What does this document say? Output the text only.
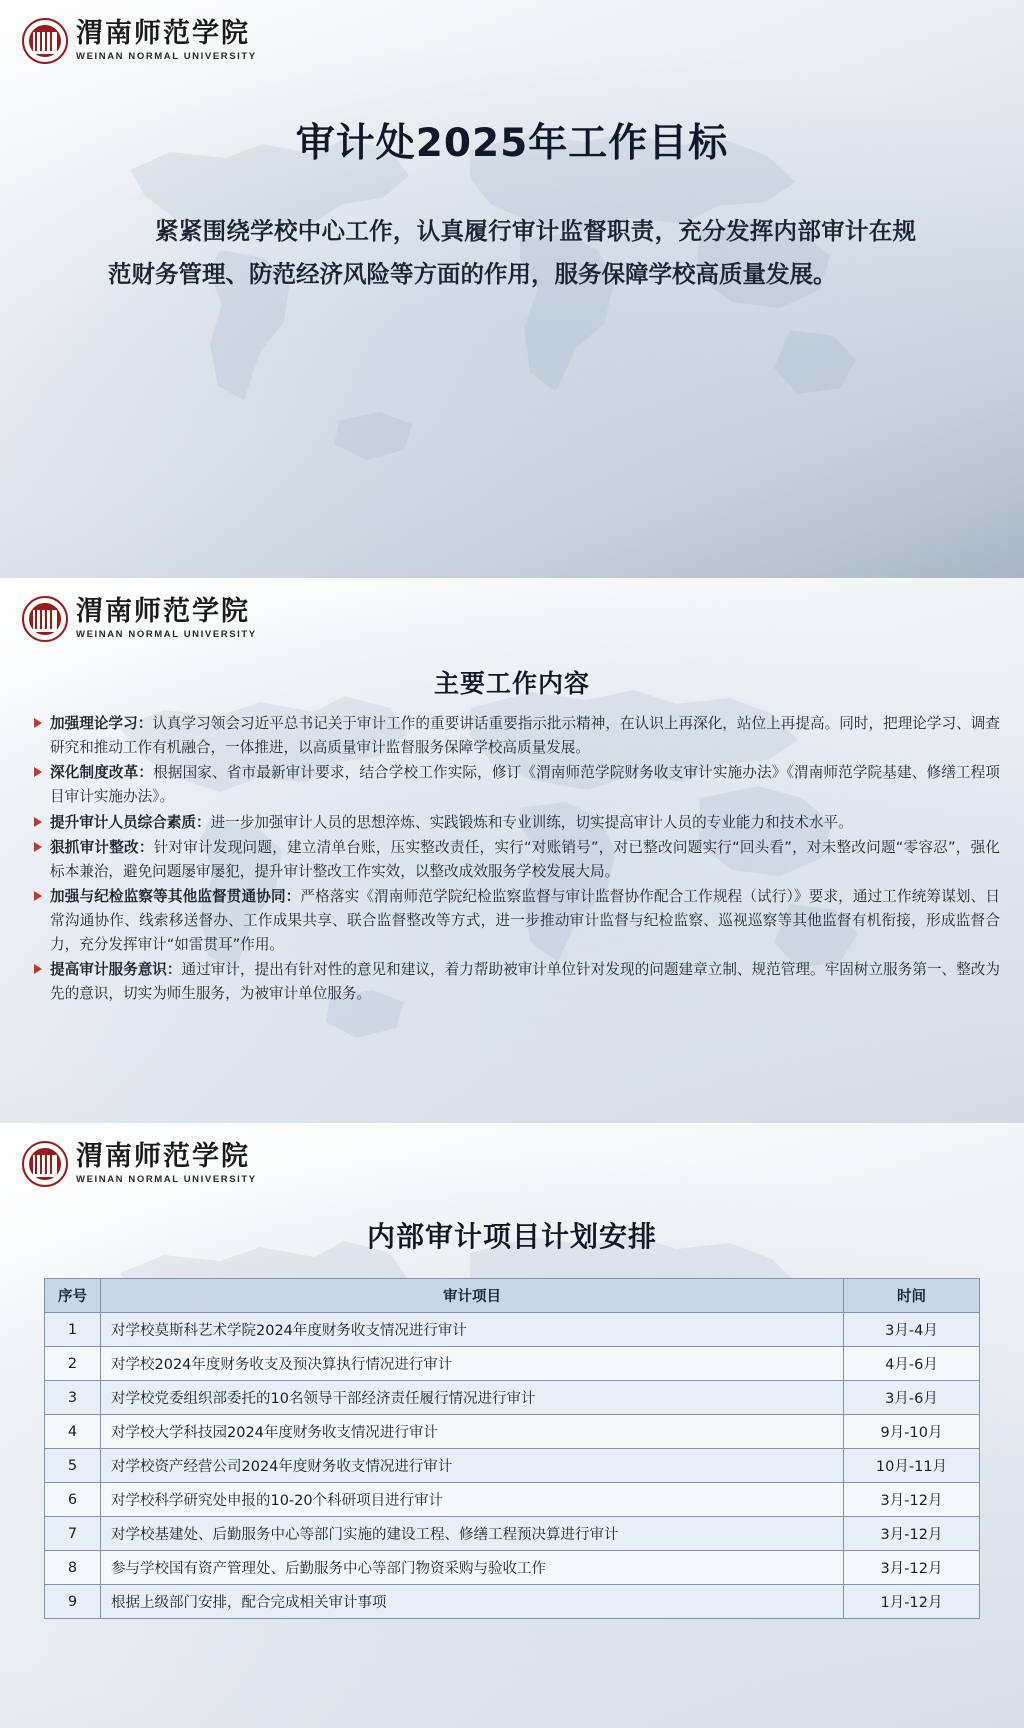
渭南师范学院
WEINAN NORMAL UNIVERSITY
审计处2025年工作目标

紧紧围绕学校中心工作，认真履行审计监督职责，充分发挥内部审计在规范财务管理、防范经济风险等方面的作用，服务保障学校高质量发展。

渭南师范学院
WEINAN NORMAL UNIVERSITY
主要工作内容
加强理论学习：认真学习领会习近平总书记关于审计工作的重要讲话重要指示批示精神，在认识上再深化，站位上再提高。同时，把理论学习、调查研究和推动工作有机融合，一体推进，以高质量审计监督服务保障学校高质量发展。
深化制度改革：根据国家、省市最新审计要求，结合学校工作实际，修订《渭南师范学院财务收支审计实施办法》《渭南师范学院基建、修缮工程项目审计实施办法》。
提升审计人员综合素质：进一步加强审计人员的思想淬炼、实践锻炼和专业训练，切实提高审计人员的专业能力和技术水平。
狠抓审计整改：针对审计发现问题，建立清单台账，压实整改责任，实行“对账销号”，对已整改问题实行“回头看”，对未整改问题“零容忍”，强化标本兼治，避免问题屡审屡犯，提升审计整改工作实效，以整改成效服务学校发展大局。
加强与纪检监察等其他监督贯通协同：严格落实《渭南师范学院纪检监察监督与审计监督协作配合工作规程（试行）》要求，通过工作统筹谋划、日常沟通协作、线索移送督办、工作成果共享、联合监督整改等方式，进一步推动审计监督与纪检监察、巡视巡察等其他监督有机衔接，形成监督合力，充分发挥审计“如雷贯耳”作用。
提高审计服务意识：通过审计，提出有针对性的意见和建议，着力帮助被审计单位针对发现的问题建章立制、规范管理。牢固树立服务第一、整改为先的意识，切实为师生服务，为被审计单位服务。
渭南师范学院
WEINAN NORMAL UNIVERSITY
内部审计项目计划安排
序号	审计项目	时间
1	对学校莫斯科艺术学院2024年度财务收支情况进行审计	3月-4月
2	对学校2024年度财务收支及预决算执行情况进行审计	4月-6月
3	对学校党委组织部委托的10名领导干部经济责任履行情况进行审计	3月-6月
4	对学校大学科技园2024年度财务收支情况进行审计	9月-10月
5	对学校资产经营公司2024年度财务收支情况进行审计	10月-11月
6	对学校科学研究处申报的10-20个科研项目进行审计	3月-12月
7	对学校基建处、后勤服务中心等部门实施的建设工程、修缮工程预决算进行审计	3月-12月
8	参与学校国有资产管理处、后勤服务中心等部门物资采购与验收工作	3月-12月
9	根据上级部门安排，配合完成相关审计事项	1月-12月
